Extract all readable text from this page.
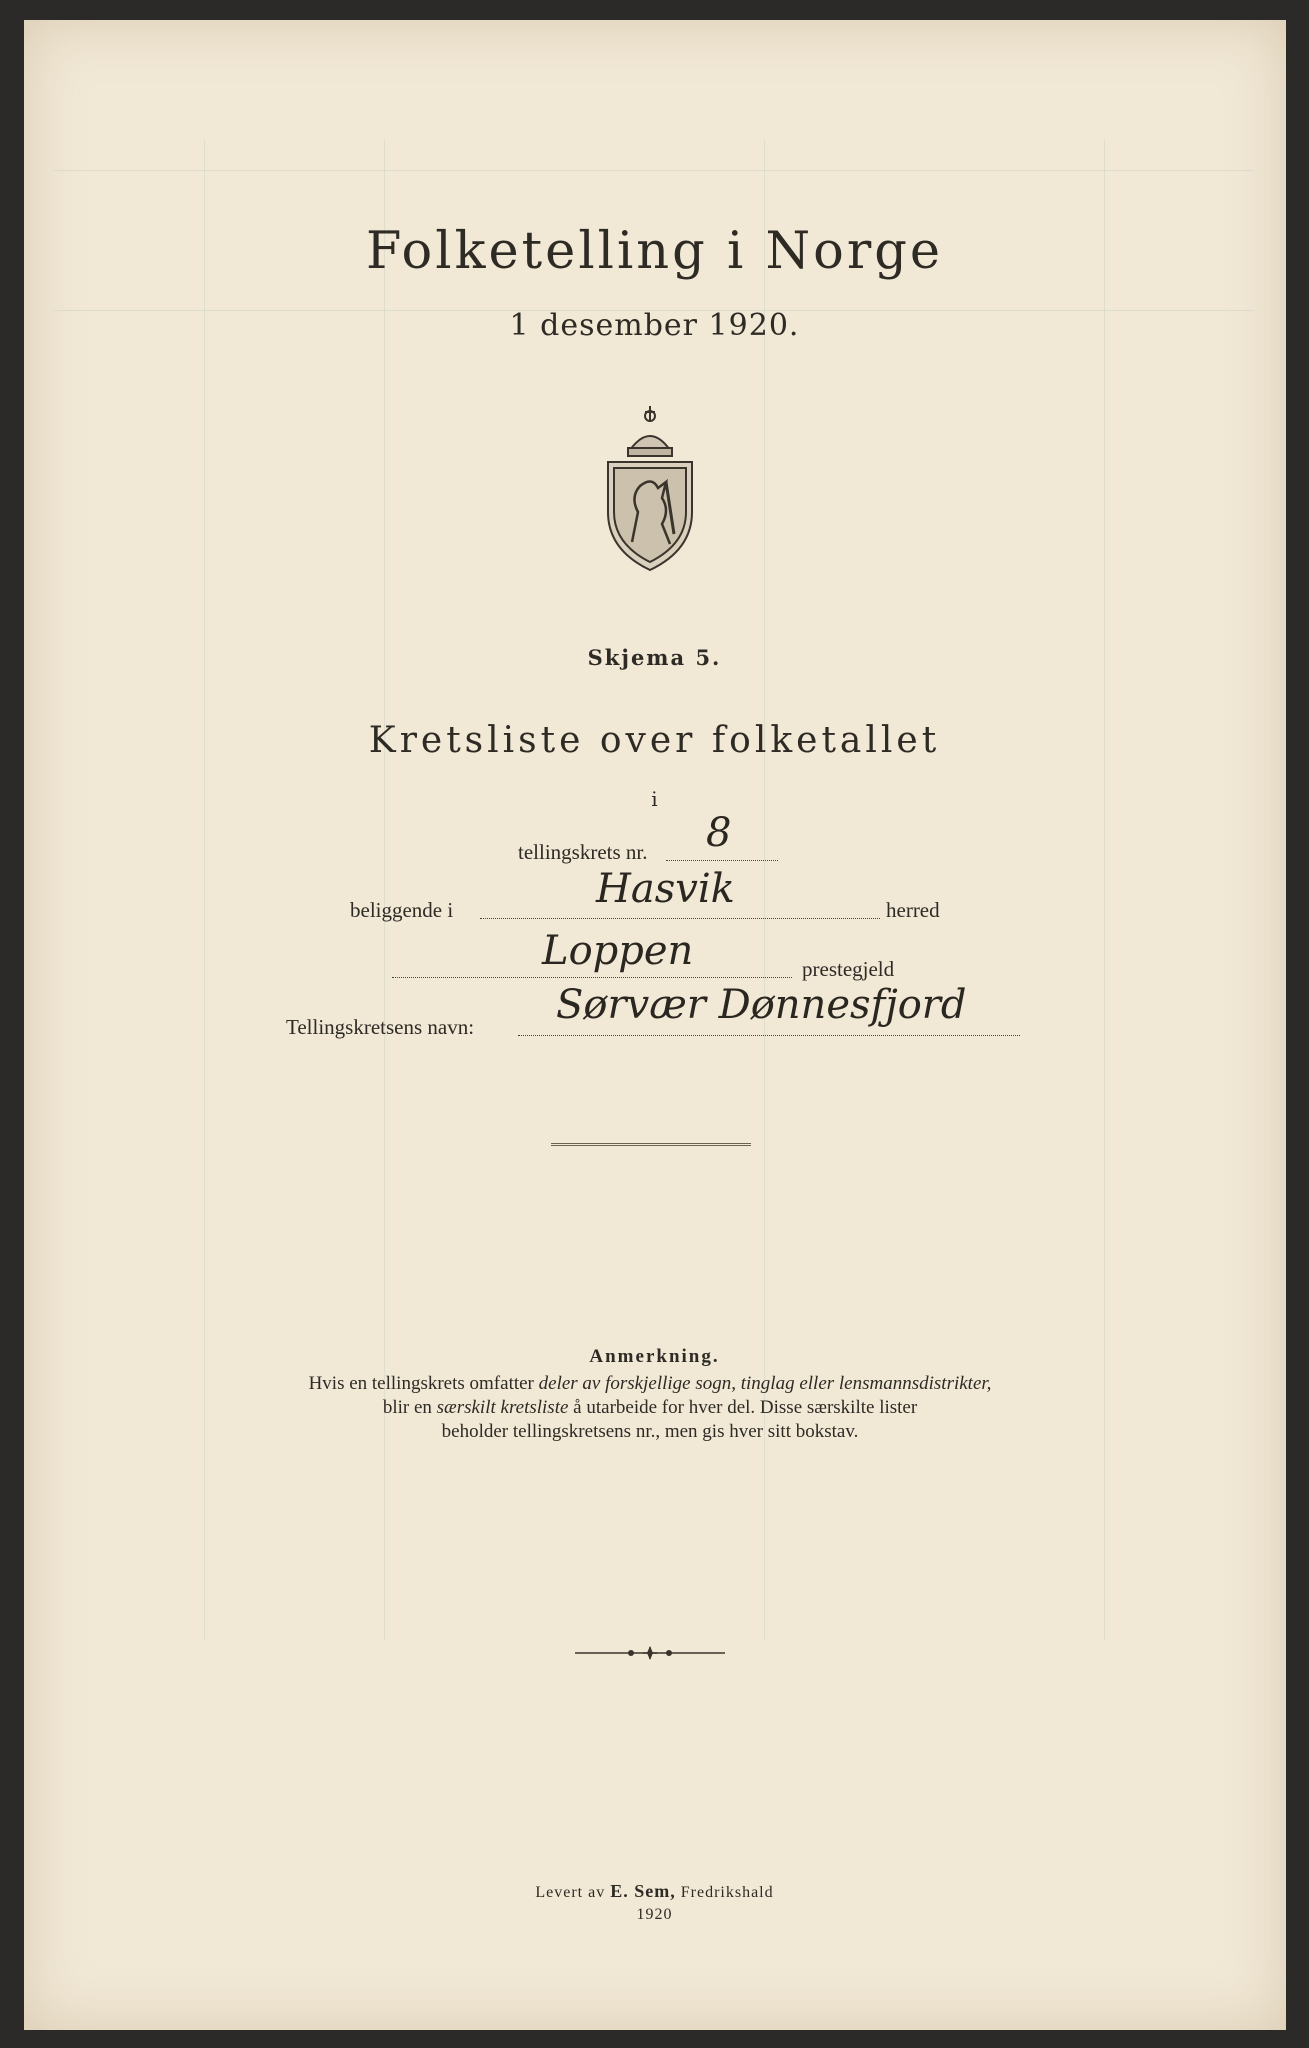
Folketelling i Norge
1 desember 1920.
Skjema 5.
Kretsliste over folketallet
i
tellingskrets nr. 8
beliggende i	Hasvik	herred
Loppen	prestegjeld
Tellingskretsens navn: Sørvær Dønnesfjord
Anmerkning.
Hvis en tellingskrets omfatter deler av forskjellige sogn, tinglag eller lensmannsdistrikter,
blir en særskilt kretsliste å utarbeide for hver del. Disse særskilte lister
beholder tellingskretsens nr., men gis hver sitt bokstav.
Levert av E. Sem, Fredrikshald
1920
